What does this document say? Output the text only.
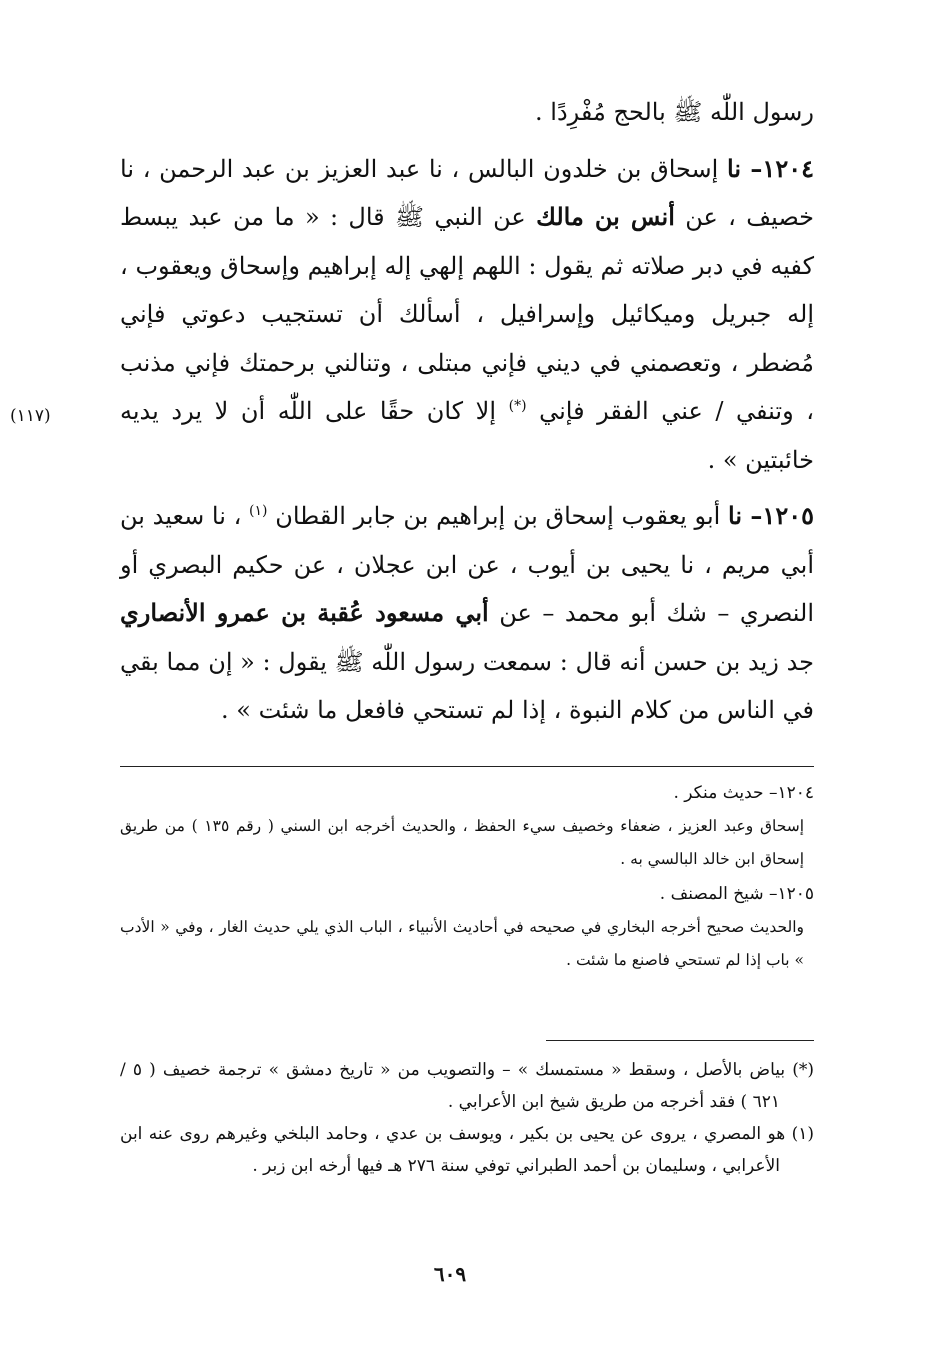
رسول اللّٰه ﷺ بالحج مُفْرِدًا .

١٢٠٤– نا إسحاق بن خلدون البالس ، نا عبد العزيز بن عبد الرحمن ، نا خصيف ، عن أنس بن مالك عن النبي ﷺ قال : « ما من عبد يبسط كفيه في دبر صلاته ثم يقول : اللهم إلهي إله إبراهيم وإسحاق ويعقوب ، إله جبريل وميكائيل وإسرافيل ، أسألك أن تستجيب دعوتي فإني مُضطر ، وتعصمني في ديني فإني مبتلى ، وتنالني برحمتك فإني مذنب ، وتنفي / عني الفقر فإني (*) إلا كان حقًا على اللّٰه أن لا يرد يديه خائبتين » .

١٢٠٥– نا أبو يعقوب إسحاق بن إبراهيم بن جابر القطان $^{(١)}$ ، نا سعيد بن أبي مريم ، نا يحيى بن أيوب ، عن ابن عجلان ، عن حكيم البصري أو النصري – شك أبو محمد – عن أبي مسعود عُقبة بن عمرو الأنصاري جد زيد بن حسن أنه قال : سمعت رسول اللّٰه ﷺ يقول : « إن مما بقي في الناس من كلام النبوة ، إذا لم تستحي فافعل ما شئت » .

(١١٧)

١٢٠٤– حديث منكر .

إسحاق وعبد العزيز ، ضعفاء وخصيف سيء الحفظ ، والحديث أخرجه ابن السني ( رقم ١٣٥ ) من طريق إسحاق ابن خالد البالسي به .

١٢٠٥– شيخ المصنف .

والحديث صحيح أخرجه البخاري في صحيحه في أحاديث الأنبياء ، الباب الذي يلي حديث الغار ، وفي « الأدب » باب إذا لم تستحي فاصنع ما شئت .

(*) بياض بالأصل ، وسقط « مستمسك » – والتصويب من « تاريخ دمشق » ترجمة خصيف ( ٥ / ٦٢١ ) فقد أخرجه من طريق شيخ ابن الأعرابي .

(١) هو المصري ، يروى عن يحيى بن بكير ، ويوسف بن عدي ، وحامد البلخي وغيرهم روى عنه ابن الأعرابي ، وسليمان بن أحمد الطبراني توفي سنة ٢٧٦ هـ فيها أرخه ابن زبر .

٦٠٩
